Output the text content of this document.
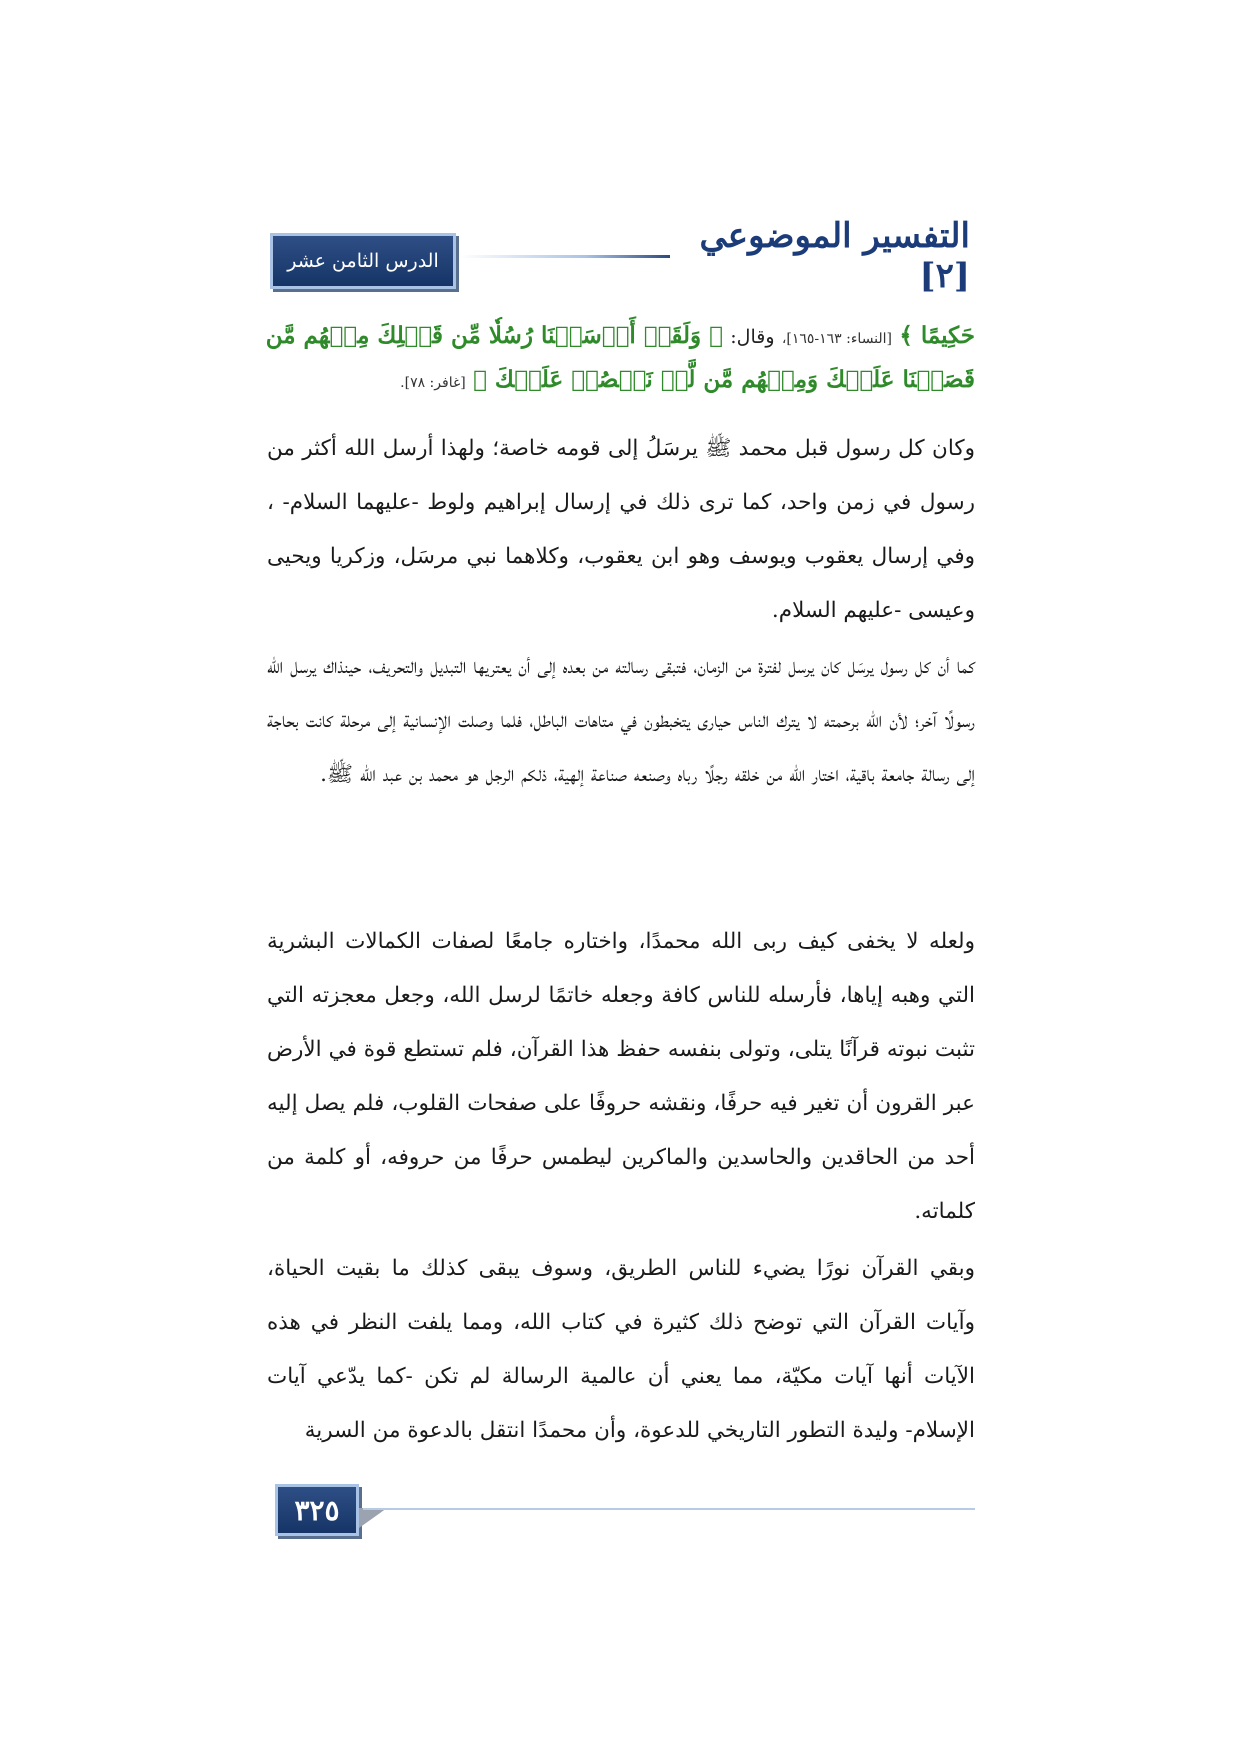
الدرس الثامن عشر
التفسير الموضوعي [٢]
حَكِيمًا ﴾ [النساء: ١٦٣-١٦٥]، وقال: ﴿ وَلَقَدۡ أَرۡسَلۡنَا رُسُلٗا مِّن قَبۡلِكَ مِنۡهُم مَّن
قَصَصۡنَا عَلَيۡكَ وَمِنۡهُم مَّن لَّمۡ نَقۡصُصۡ عَلَيۡكَ ﴾ [غافر: ٧٨].
وكان كل رسول قبل محمد ﷺ يرسَلُ إلى قومه خاصة؛ ولهذا أرسل الله أكثر من رسول في زمن واحد، كما ترى ذلك في إرسال إبراهيم ولوط -عليهما السلام- ، وفي إرسال يعقوب ويوسف وهو ابن يعقوب، وكلاهما نبي مرسَل، وزكريا ويحيى وعيسى -عليهم السلام.
كما أن كل رسول يرسَل كان يرسل لفترة من الزمان، فتبقى رسالته من بعده إلى أن يعتريها التبديل والتحريف، حينذاك يرسل الله رسولًا آخر؛ لأن الله برحمته لا يترك الناس حيارى يتخبطون في متاهات الباطل، فلما وصلت الإنسانية إلى مرحلة كانت بحاجة إلى رسالة جامعة باقية، اختار الله من خلقه رجلًا رباه وصنعه صناعة إلهية، ذلكم الرجل هو محمد بن عبد الله ﷺ.
ولعله لا يخفى كيف ربى الله محمدًا، واختاره جامعًا لصفات الكمالات البشرية التي وهبه إياها، فأرسله للناس كافة وجعله خاتمًا لرسل الله، وجعل معجزته التي تثبت نبوته قرآنًا يتلى، وتولى بنفسه حفظ هذا القرآن، فلم تستطع قوة في الأرض عبر القرون أن تغير فيه حرفًا، ونقشه حروفًا على صفحات القلوب، فلم يصل إليه أحد من الحاقدين والحاسدين والماكرين ليطمس حرفًا من حروفه، أو كلمة من كلماته.
وبقي القرآن نورًا يضيء للناس الطريق، وسوف يبقى كذلك ما بقيت الحياة، وآيات القرآن التي توضح ذلك كثيرة في كتاب الله، ومما يلفت النظر في هذه الآيات أنها آيات مكيّة، مما يعني أن عالمية الرسالة لم تكن -كما يدّعي آيات الإسلام- وليدة التطور التاريخي للدعوة، وأن محمدًا انتقل بالدعوة من السرية
٣٢٥
